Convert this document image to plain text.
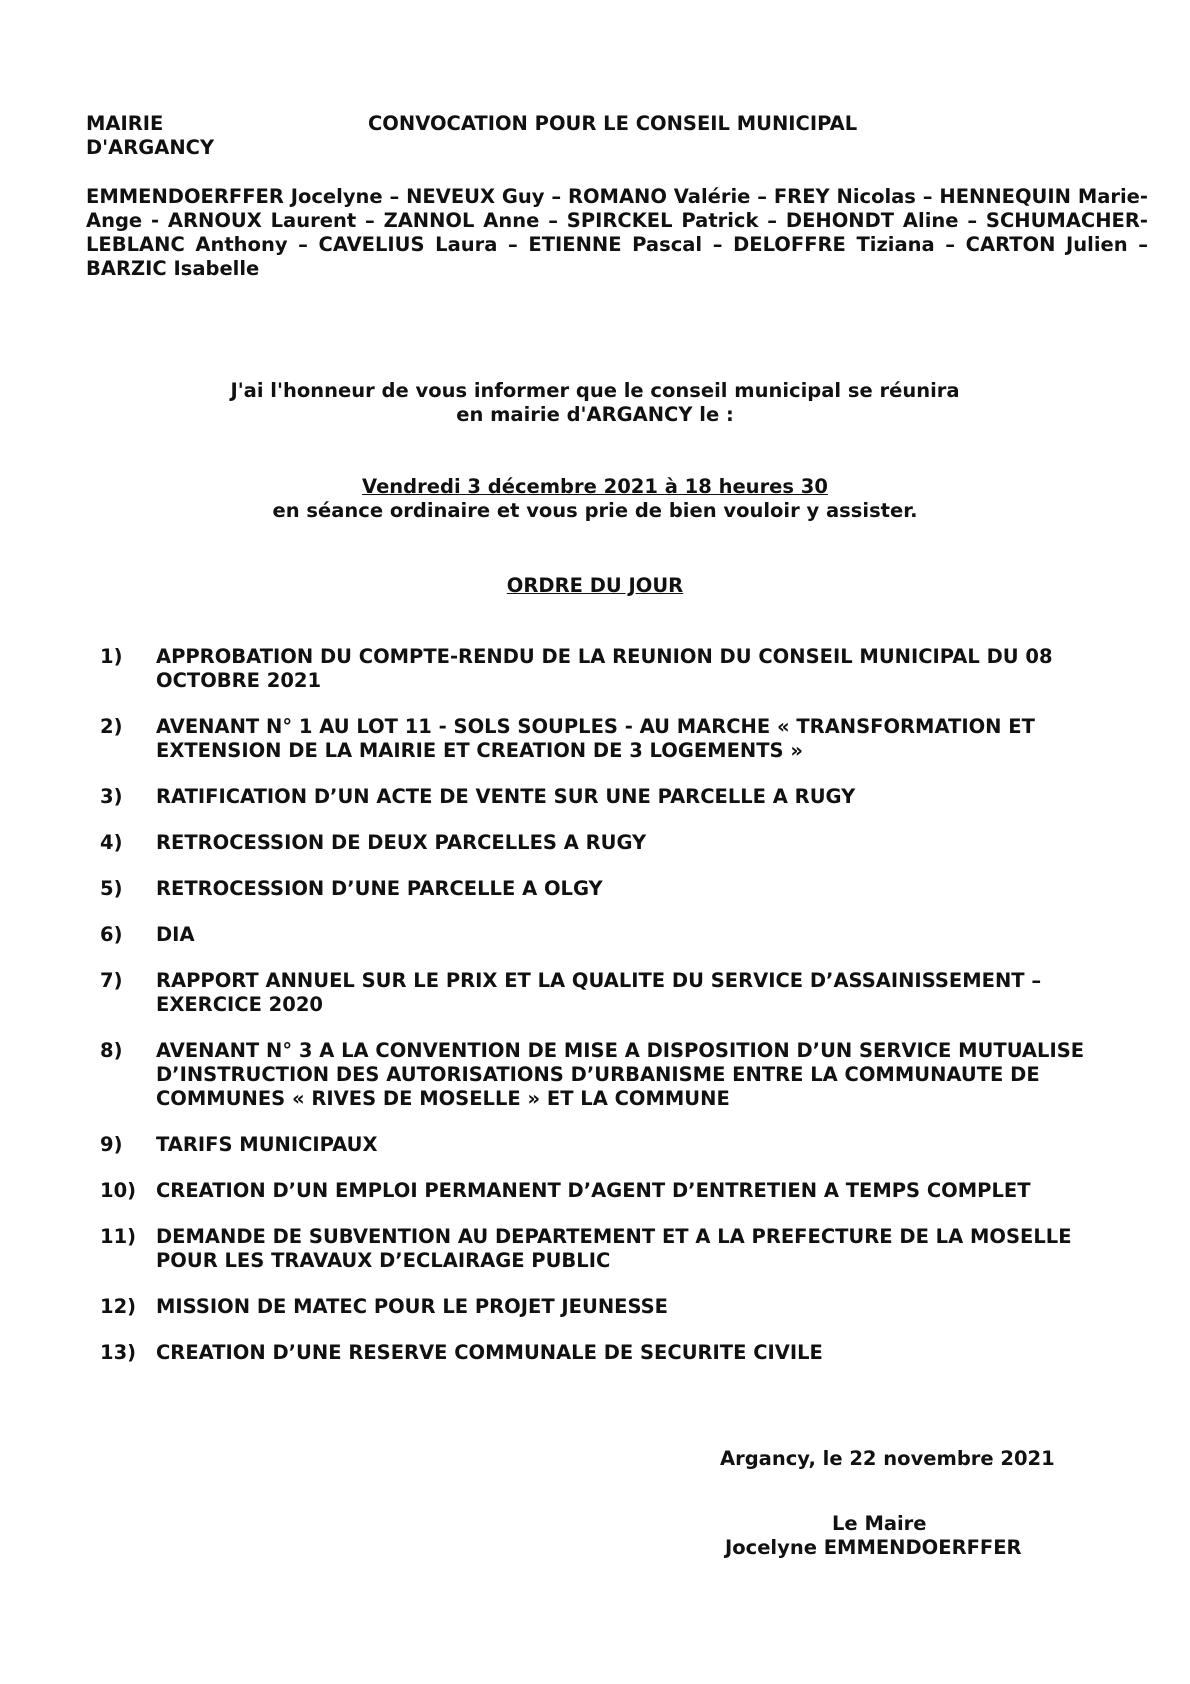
MAIRIE
D'ARGANCY
CONVOCATION POUR LE CONSEIL MUNICIPAL
EMMENDOERFFER Jocelyne – NEVEUX Guy – ROMANO Valérie – FREY Nicolas – HENNEQUIN Marie-Ange - ARNOUX Laurent – ZANNOL Anne – SPIRCKEL Patrick – DEHONDT Aline – SCHUMACHER-LEBLANC Anthony – CAVELIUS Laura – ETIENNE Pascal – DELOFFRE Tiziana – CARTON Julien – BARZIC Isabelle
J'ai l'honneur de vous informer que le conseil municipal se réunira
en mairie d'ARGANCY le :
Vendredi 3 décembre 2021 à 18 heures 30
en séance ordinaire et vous prie de bien vouloir y assister.
ORDRE DU JOUR
1)	APPROBATION DU COMPTE-RENDU DE LA REUNION DU CONSEIL MUNICIPAL DU 08 OCTOBRE 2021
2)	AVENANT N° 1 AU LOT 11 - SOLS SOUPLES - AU MARCHE « TRANSFORMATION ET EXTENSION DE LA MAIRIE ET CREATION DE 3 LOGEMENTS »
3)	RATIFICATION D’UN ACTE DE VENTE SUR UNE PARCELLE A RUGY
4)	RETROCESSION DE DEUX PARCELLES A RUGY
5)	RETROCESSION D’UNE PARCELLE A OLGY
6)	DIA
7)	RAPPORT ANNUEL SUR LE PRIX ET LA QUALITE DU SERVICE D’ASSAINISSEMENT – EXERCICE 2020
8)	AVENANT N° 3 A LA CONVENTION DE MISE A DISPOSITION D’UN SERVICE MUTUALISE D’INSTRUCTION DES AUTORISATIONS D’URBANISME ENTRE LA COMMUNAUTE DE COMMUNES « RIVES DE MOSELLE » ET LA COMMUNE
9)	TARIFS MUNICIPAUX
10)	CREATION D’UN EMPLOI PERMANENT D’AGENT D’ENTRETIEN A TEMPS COMPLET
11)	DEMANDE DE SUBVENTION AU DEPARTEMENT ET A LA PREFECTURE DE LA MOSELLE POUR LES TRAVAUX D’ECLAIRAGE PUBLIC
12)	MISSION DE MATEC POUR LE PROJET JEUNESSE
13)	CREATION D’UNE RESERVE COMMUNALE DE SECURITE CIVILE
Argancy, le 22 novembre 2021
Le Maire
Jocelyne EMMENDOERFFER
